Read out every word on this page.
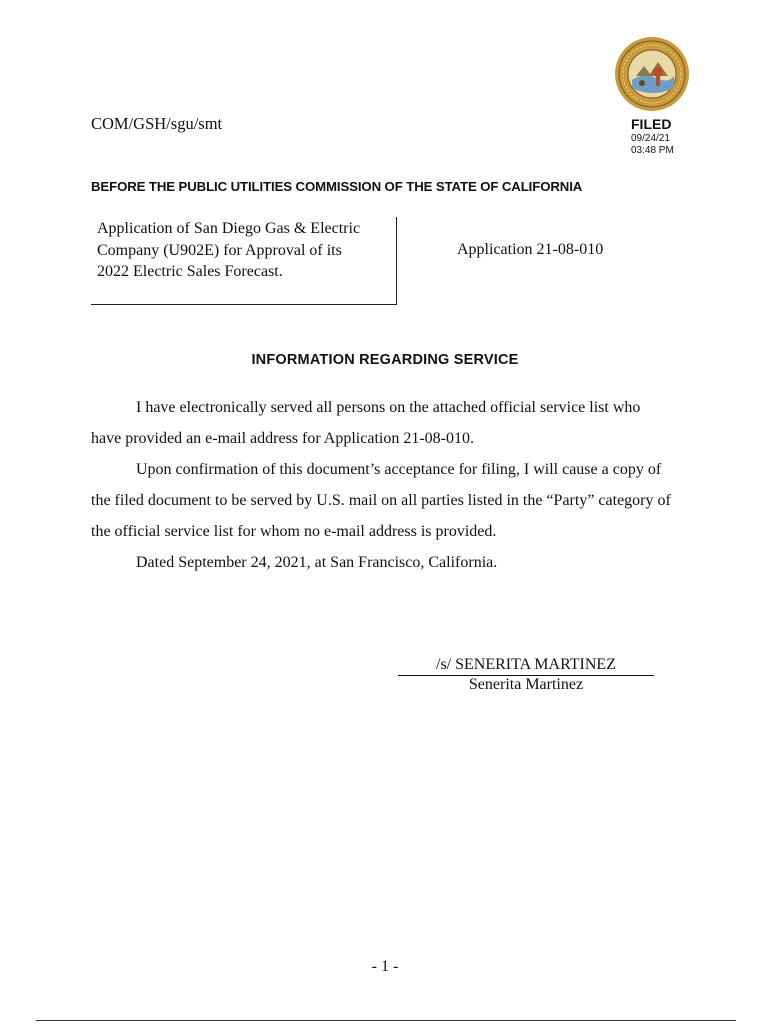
COM/GSH/sgu/smt	FILED
09/24/21
03:48 PM
BEFORE THE PUBLIC UTILITIES COMMISSION OF THE STATE OF CALIFORNIA
Application of San Diego Gas & Electric
Company (U902E) for Approval of its
2022 Electric Sales Forecast.
Application 21-08-010
INFORMATION REGARDING SERVICE

I have electronically served all persons on the attached official service list who have provided an e-mail address for Application 21-08-010.

Upon confirmation of this document’s acceptance for filing, I will cause a copy of the filed document to be served by U.S. mail on all parties listed in the “Party” category of the official service list for whom no e-mail address is provided.

Dated September 24, 2021, at San Francisco, California.

/s/ SENERITA MARTINEZ
Senerita Martinez
- 1 -
